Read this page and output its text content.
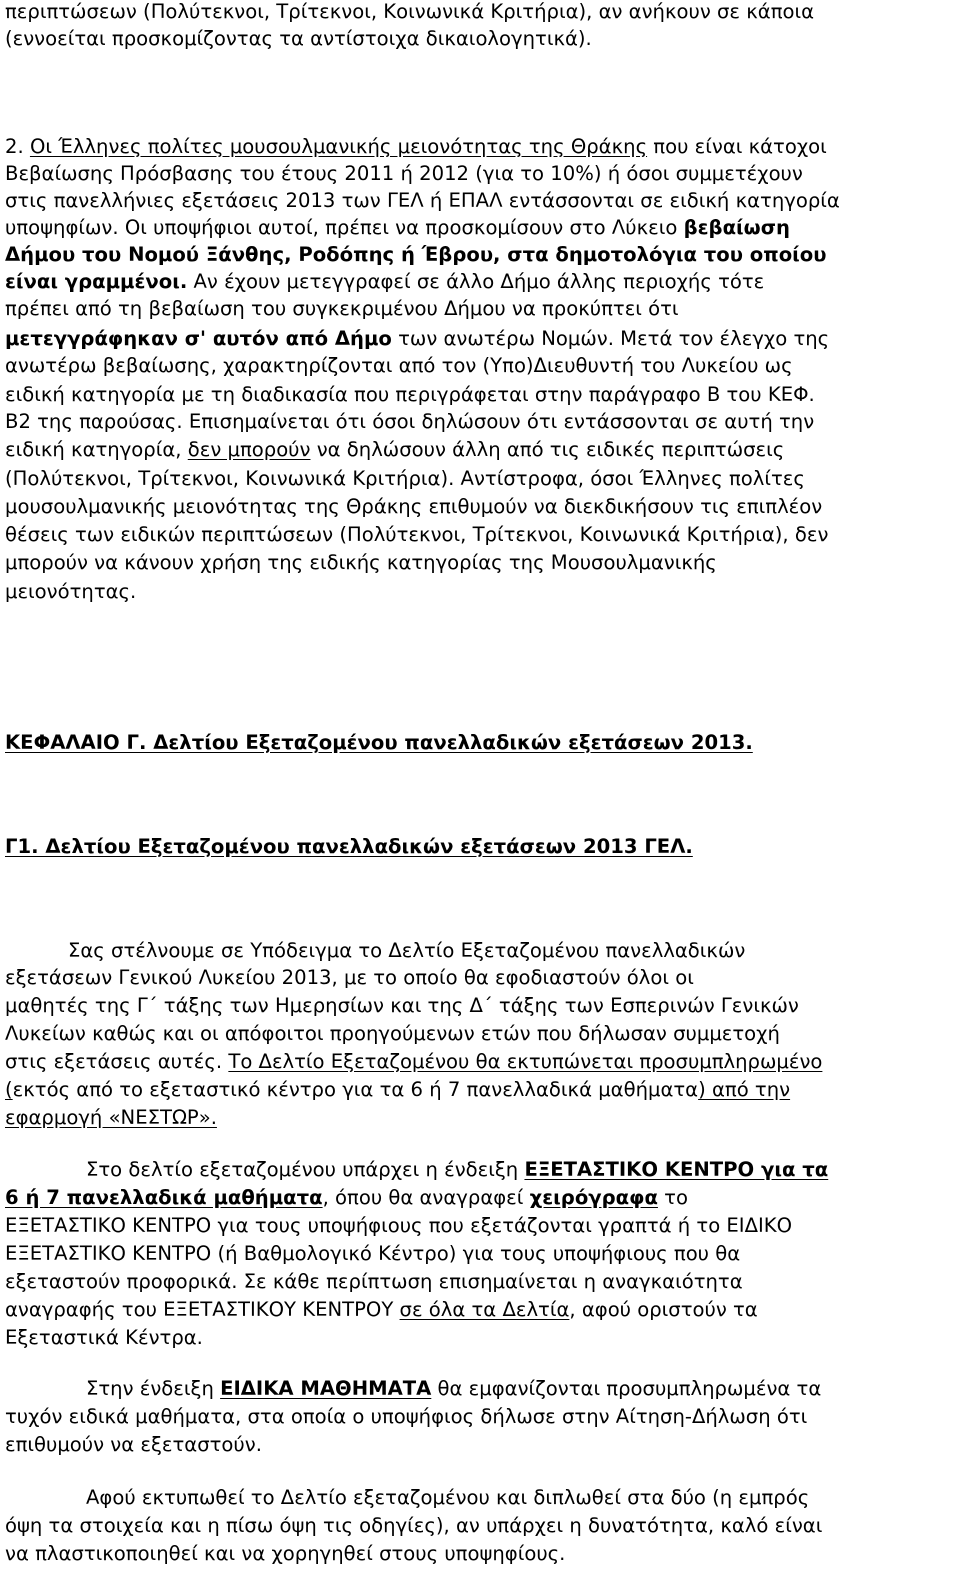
περιπτώσεων (Πολύτεκνοι, Τρίτεκνοι, Κοινωνικά Κριτήρια), αν ανήκουν σε κάποια
(εννοείται προσκομίζοντας τα αντίστοιχα δικαιολογητικά).
2. Οι Έλληνες πολίτες μουσουλμανικής μειονότητας της Θράκης που είναι κάτοχοι
Βεβαίωσης Πρόσβασης του έτους 2011 ή 2012 (για το 10%) ή όσοι συμμετέχουν
στις πανελλήνιες εξετάσεις 2013 των ΓΕΛ ή ΕΠΑΛ εντάσσονται σε ειδική κατηγορία
υποψηφίων. Οι υποψήφιοι αυτοί, πρέπει να προσκομίσουν στο Λύκειο βεβαίωση
Δήμου του Νομού Ξάνθης, Ροδόπης ή Έβρου, στα δημοτολόγια του οποίου
είναι γραμμένοι. Αν έχουν μετεγγραφεί σε άλλο Δήμο άλλης περιοχής τότε
πρέπει από τη βεβαίωση του συγκεκριμένου Δήμου να προκύπτει ότι
μετεγγράφηκαν σ' αυτόν από Δήμο των ανωτέρω Νομών. Μετά τον έλεγχο της
ανωτέρω βεβαίωσης, χαρακτηρίζονται από τον (Υπο)Διευθυντή του Λυκείου ως
ειδική κατηγορία με τη διαδικασία που περιγράφεται στην παράγραφο Β του ΚΕΦ.
Β2 της παρούσας. Επισημαίνεται ότι όσοι δηλώσουν ότι εντάσσονται σε αυτή την
ειδική κατηγορία, δεν μπορούν να δηλώσουν άλλη από τις ειδικές περιπτώσεις
(Πολύτεκνοι, Τρίτεκνοι, Κοινωνικά Κριτήρια). Αντίστροφα, όσοι Έλληνες πολίτες
μουσουλμανικής μειονότητας της Θράκης επιθυμούν να διεκδικήσουν τις επιπλέον
θέσεις των ειδικών περιπτώσεων (Πολύτεκνοι, Τρίτεκνοι, Κοινωνικά Κριτήρια), δεν
μπορούν να κάνουν χρήση της ειδικής κατηγορίας της Μουσουλμανικής
μειονότητας.
ΚΕΦΑΛΑΙΟ Γ. Δελτίου Εξεταζομένου πανελλαδικών εξετάσεων 2013.
Γ1. Δελτίου Εξεταζομένου πανελλαδικών εξετάσεων 2013 ΓΕΛ.
Σας στέλνουμε σε Υπόδειγμα το Δελτίο Εξεταζομένου πανελλαδικών
εξετάσεων Γενικού Λυκείου 2013, με το οποίο θα εφοδιαστούν όλοι οι
μαθητές της Γ΄ τάξης των Ημερησίων και της Δ΄ τάξης των Εσπερινών Γενικών
Λυκείων καθώς και οι απόφοιτοι προηγούμενων ετών που δήλωσαν συμμετοχή
στις εξετάσεις αυτές. Το Δελτίο Εξεταζομένου θα εκτυπώνεται προσυμπληρωμένο
(εκτός από το εξεταστικό κέντρο για τα 6 ή 7 πανελλαδικά μαθήματα) από την
εφαρμογή «ΝΕΣΤΩΡ».
Στο δελτίο εξεταζομένου υπάρχει η ένδειξη ΕΞΕΤΑΣΤΙΚΟ ΚΕΝΤΡΟ για τα
6 ή 7 πανελλαδικά μαθήματα, όπου θα αναγραφεί χειρόγραφα το
ΕΞΕΤΑΣΤΙΚΟ ΚΕΝΤΡΟ για τους υποψήφιους που εξετάζονται γραπτά ή το ΕΙΔΙΚΟ
ΕΞΕΤΑΣΤΙΚΟ ΚΕΝΤΡΟ (ή Βαθμολογικό Κέντρο) για τους υποψήφιους που θα
εξεταστούν προφορικά. Σε κάθε περίπτωση επισημαίνεται η αναγκαιότητα
αναγραφής του ΕΞΕΤΑΣΤΙΚΟΥ ΚΕΝΤΡΟΥ σε όλα τα Δελτία, αφού οριστούν τα
Εξεταστικά Κέντρα.
Στην ένδειξη ΕΙΔΙΚΑ ΜΑΘΗΜΑΤΑ θα εμφανίζονται προσυμπληρωμένα τα
τυχόν ειδικά μαθήματα, στα οποία ο υποψήφιος δήλωσε στην Αίτηση-Δήλωση ότι
επιθυμούν να εξεταστούν.
Αφού εκτυπωθεί το Δελτίο εξεταζομένου και διπλωθεί στα δύο (η εμπρός
όψη τα στοιχεία και η πίσω όψη τις οδηγίες), αν υπάρχει η δυνατότητα, καλό είναι
να πλαστικοποιηθεί και να χορηγηθεί στους υποψηφίους.
